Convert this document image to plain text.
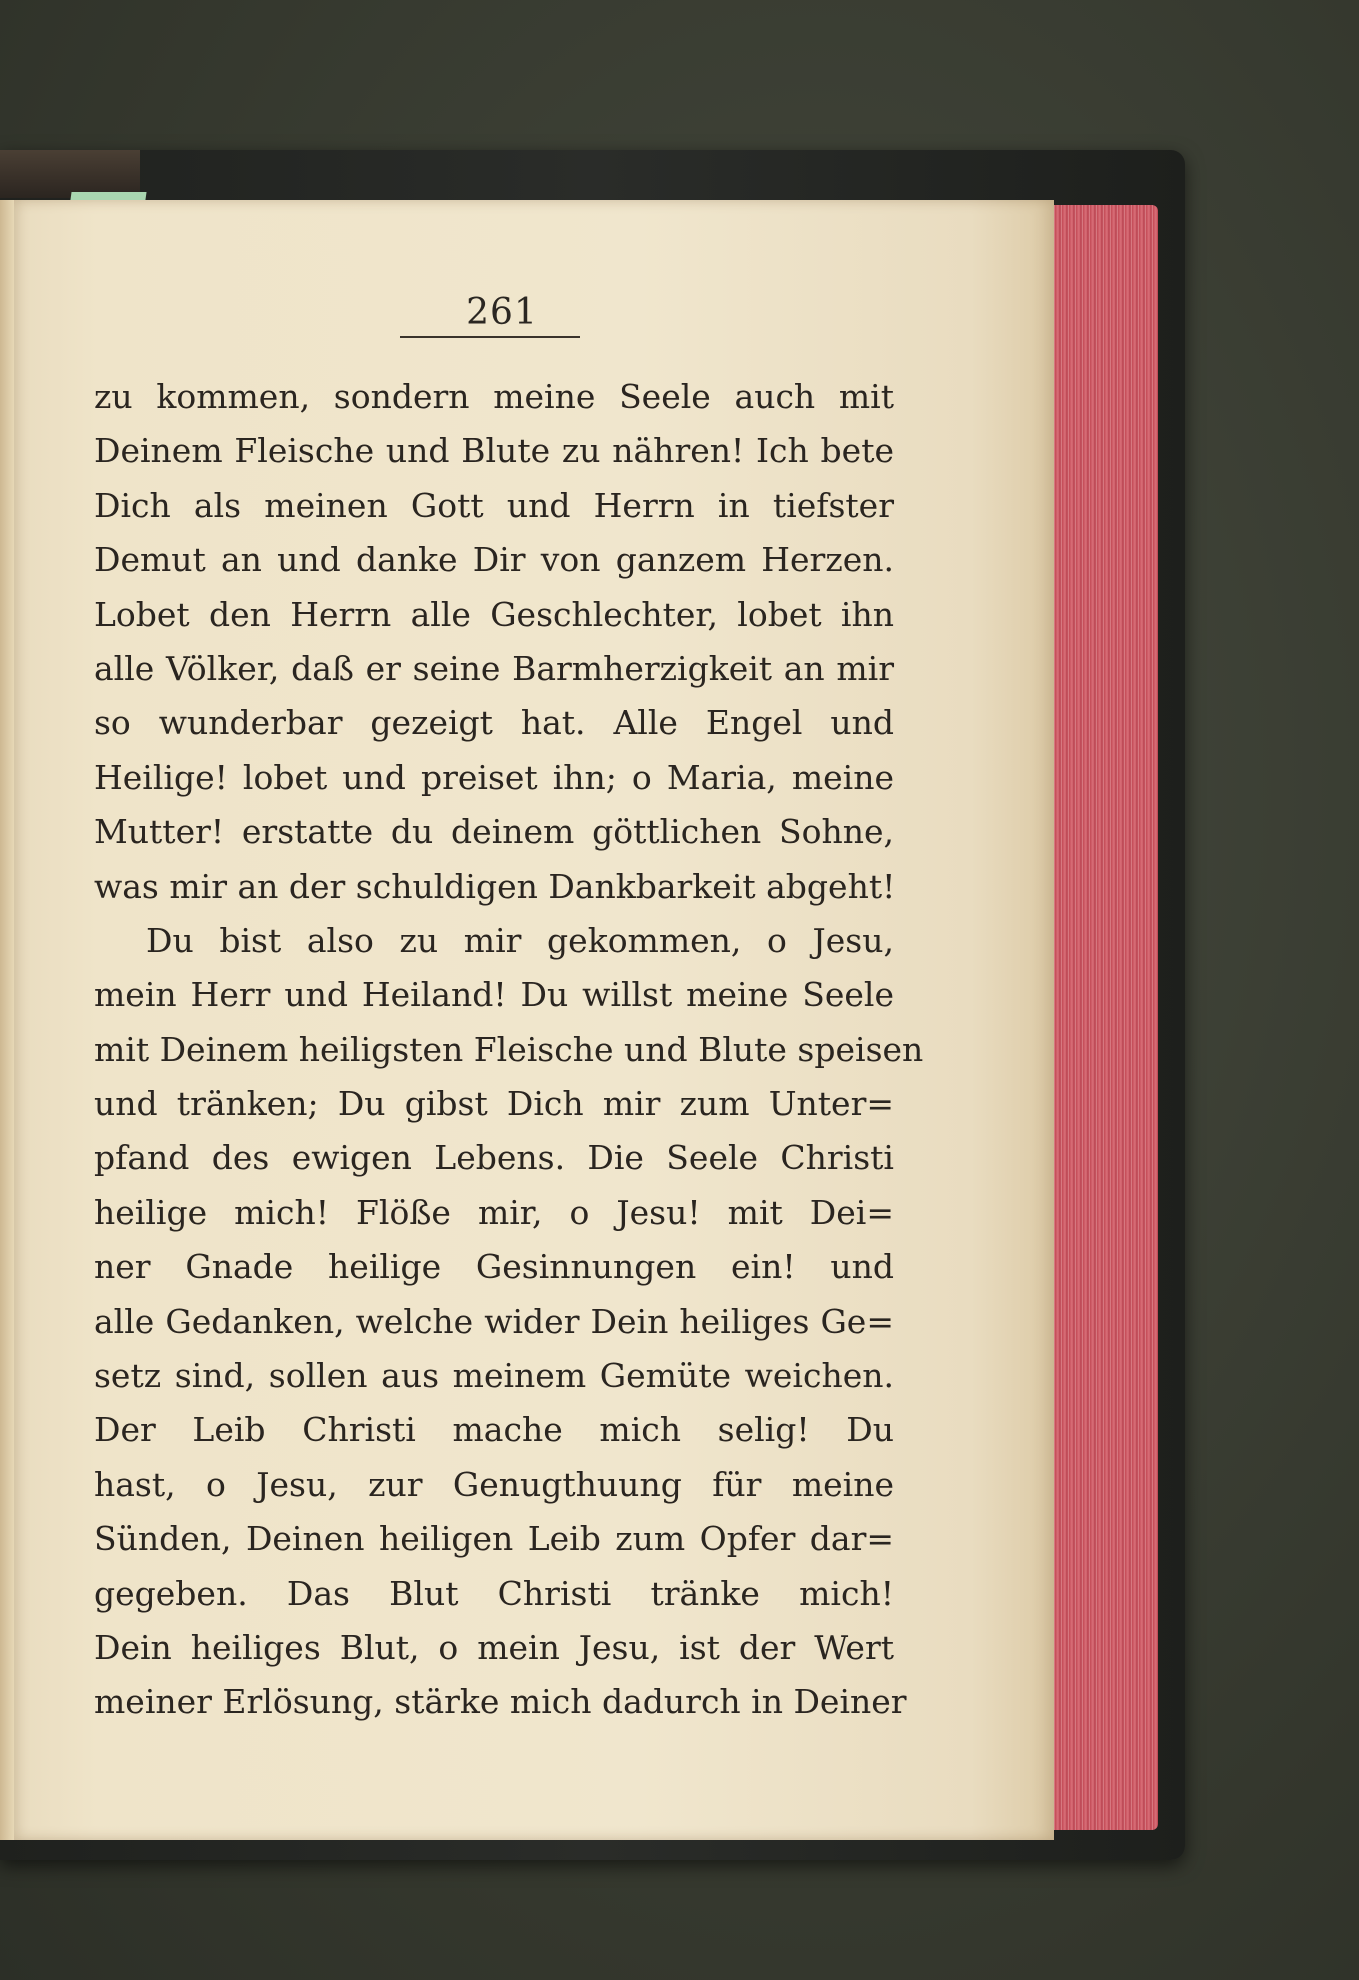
261
zu kommen, sondern meine Seele auch mit
Deinem Fleische und Blute zu nähren! Ich bete
Dich als meinen Gott und Herrn in tiefster
Demut an und danke Dir von ganzem Herzen.
Lobet den Herrn alle Geschlechter, lobet ihn
alle Völker, daß er seine Barmherzigkeit an mir
so wunderbar gezeigt hat. Alle Engel und
Heilige! lobet und preiset ihn; o Maria, meine
Mutter! erstatte du deinem göttlichen Sohne,
was mir an der schuldigen Dankbarkeit abgeht!
Du bist also zu mir gekommen, o Jesu,
mein Herr und Heiland! Du willst meine Seele
mit Deinem heiligsten Fleische und Blute speisen
und tränken; Du gibst Dich mir zum Unter=
pfand des ewigen Lebens. Die Seele Christi
heilige mich! Flöße mir, o Jesu! mit Dei=
ner Gnade heilige Gesinnungen ein! und
alle Gedanken, welche wider Dein heiliges Ge=
setz sind, sollen aus meinem Gemüte weichen.
Der Leib Christi mache mich selig! Du
hast, o Jesu, zur Genugthuung für meine
Sünden, Deinen heiligen Leib zum Opfer dar=
gegeben. Das Blut Christi tränke mich!
Dein heiliges Blut, o mein Jesu, ist der Wert
meiner Erlösung, stärke mich dadurch in Deiner
